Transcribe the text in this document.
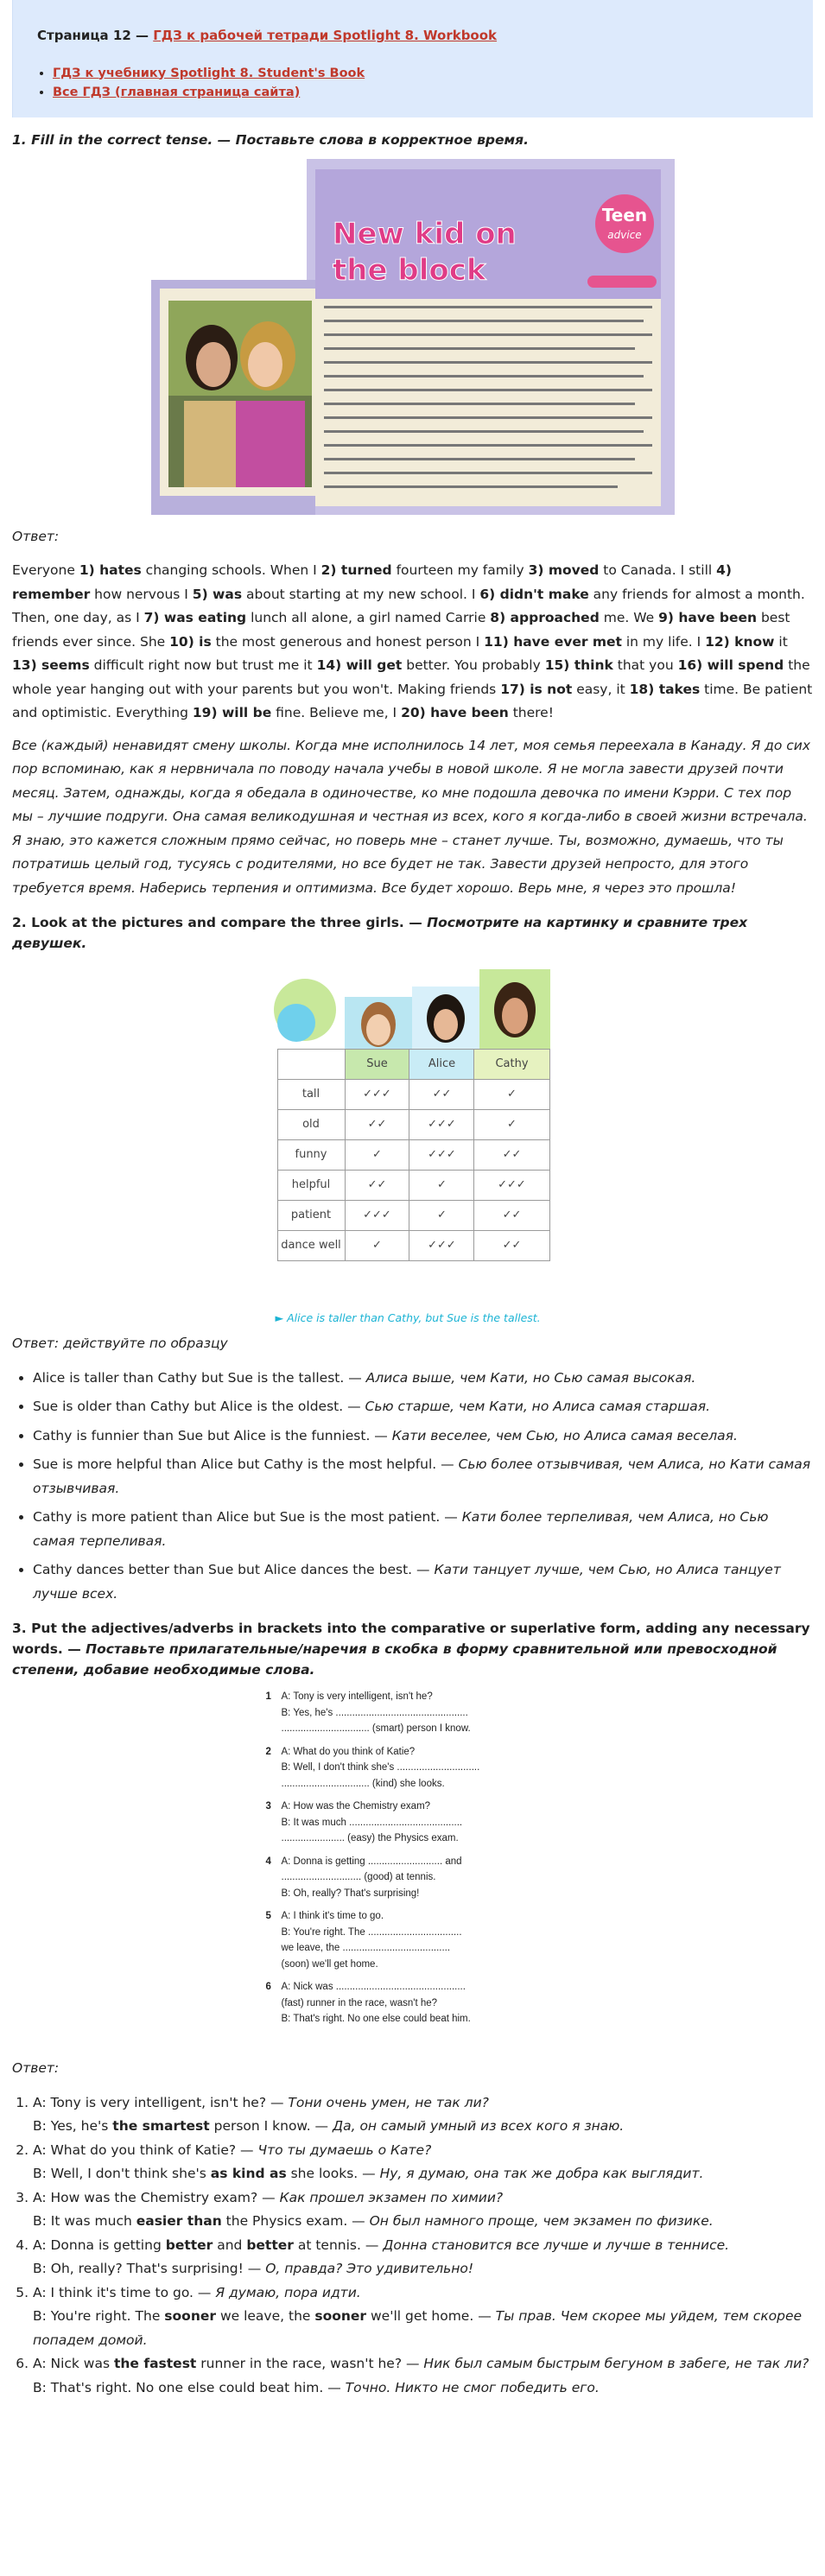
Страница 12 — ГДЗ к рабочей тетради Spotlight 8. Workbook
• ГДЗ к учебнику Spotlight 8. Student's Book
• Все ГДЗ (главная страница сайта)
1. Fill in the correct tense. — Поставьте слова в корректное время.
Teen
advice
New kid on
the block
Ответ:

Everyone 1) hates changing schools. When I 2) turned fourteen my family 3) moved to Canada. I still 4) remember how nervous I 5) was about starting at my new school. I 6) didn't make any friends for almost a month. Then, one day, as I 7) was eating lunch all alone, a girl named Carrie 8) approached me. We 9) have been best friends ever since. She 10) is the most generous and honest person I 11) have ever met in my life. I 12) know it 13) seems difficult right now but trust me it 14) will get better. You probably 15) think that you 16) will spend the whole year hanging out with your parents but you won't. Making friends 17) is not easy, it 18) takes time. Be patient and optimistic. Everything 19) will be fine. Believe me, I 20) have been there!

Все (каждый) ненавидят смену школы. Когда мне исполнилось 14 лет, моя семья переехала в Канаду. Я до сих пор вспоминаю, как я нервничала по поводу начала учебы в новой школе. Я не могла завести друзей почти месяц. Затем, однажды, когда я обедала в одиночестве, ко мне подошла девочка по имени Кэрри. С тех пор мы – лучшие подруги. Она самая великодушная и честная из всех, кого я когда-либо в своей жизни встречала. Я знаю, это кажется сложным прямо сейчас, но поверь мне – станет лучше. Ты, возможно, думаешь, что ты потратишь целый год, тусуясь с родителями, но все будет не так. Завести друзей непросто, для этого требуется время. Наберись терпения и оптимизма. Все будет хорошо. Верь мне, я через это прошла!

2. Look at the pictures and compare the three girls. — Посмотрите на картинку и сравните трех девушек.
	Sue	Alice	Cathy
tall	✓✓✓	✓✓	✓
old	✓✓	✓✓✓	✓
funny	✓	✓✓✓	✓✓
helpful	✓✓	✓	✓✓✓
patient	✓✓✓	✓	✓✓
dance well	✓	✓✓✓	✓✓
► Alice is taller than Cathy, but Sue is the tallest.
Ответ: действуйте по образцу
• Alice is taller than Cathy but Sue is the tallest. — Алиса выше, чем Кати, но Сью самая высокая.
• Sue is older than Cathy but Alice is the oldest. — Сью старше, чем Кати, но Алиса самая старшая.
• Cathy is funnier than Sue but Alice is the funniest. — Кати веселее, чем Сью, но Алиса самая веселая.
• Sue is more helpful than Alice but Cathy is the most helpful. — Сью более отзывчивая, чем Алиса, но Кати самая отзывчивая.
• Cathy is more patient than Alice but Sue is the most patient. — Кати более терпеливая, чем Алиса, но Сью самая терпеливая.
• Cathy dances better than Sue but Alice dances the best. — Кати танцует лучше, чем Сью, но Алиса танцует лучше всех.
3. Put the adjectives/adverbs in brackets into the comparative or superlative form, adding any necessary words. — Поставьте прилагательные/наречия в скобка в форму сравнительной или превосходной степени, добавие необходимые слова.
1	A: Tony is very intelligent, isn't he?
B: Yes, he's ................................................
................................ (smart) person I know.
2	A: What do you think of Katie?
B: Well, I don't think she's ..............................
................................ (kind) she looks.
3	A: How was the Chemistry exam?
B: It was much .........................................
....................... (easy) the Physics exam.
4	A: Donna is getting ........................... and
............................. (good) at tennis.
B: Oh, really? That's surprising!
5	A: I think it's time to go.
B: You're right. The ..................................
we leave, the .......................................
(soon) we'll get home.
6	A: Nick was ...............................................
(fast) runner in the race, wasn't he?
B: That's right. No one else could beat him.
Ответ:
1. A: Tony is very intelligent, isn't he? — Тони очень умен, не так ли?
B: Yes, he's the smartest person I know. — Да, он самый умный из всех кого я знаю.
2. A: What do you think of Katie? — Что ты думаешь о Кате?
B: Well, I don't think she's as kind as she looks. — Ну, я думаю, она так же добра как выглядит.
3. A: How was the Chemistry exam? — Как прошел экзамен по химии?
B: It was much easier than the Physics exam. — Он был намного проще, чем экзамен по физике.
4. A: Donna is getting better and better at tennis. — Донна становится все лучше и лучше в теннисе.
B: Oh, really? That's surprising! — О, правда? Это удивительно!
5. A: I think it's time to go. — Я думаю, пора идти.
B: You're right. The sooner we leave, the sooner we'll get home. — Ты прав. Чем скорее мы уйдем, тем скорее попадем домой.
6. A: Nick was the fastest runner in the race, wasn't he? — Ник был самым быстрым бегуном в забеге, не так ли?
B: That's right. No one else could beat him. — Точно. Никто не смог победить его.
